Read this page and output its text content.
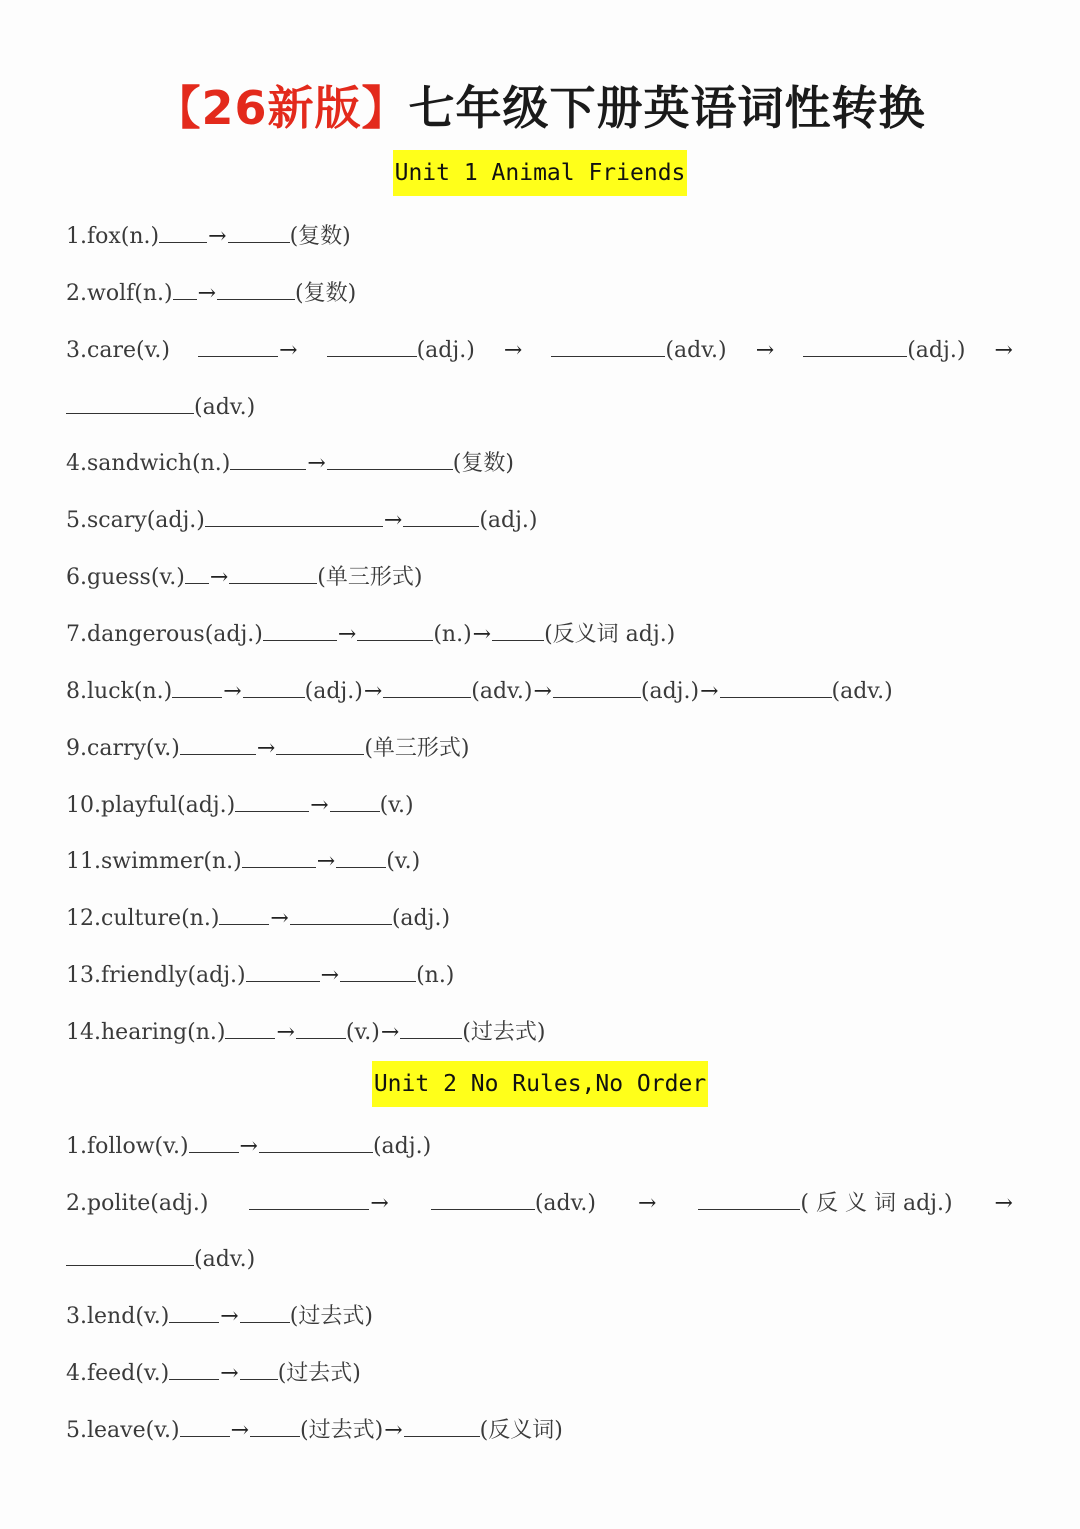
【26新版】七年级下册英语词性转换
Unit 1 Animal Friends
1.fox(n.) →	(复数)
2.wolf(n.) →	(复数)
3.care(v.)	→	(adj.) →	(adv.) →	(adj.) →
(adv.)
4.sandwich(n.)	→	(复数)
5.scary(adj.)	→	(adj.)
6.guess(v.) →	(单三形式)
7.dangerous(adj.)	→	(n.)→ (反义词 adj.)
8.luck(n.) →	(adj.)→	(adv.)→	(adj.)→	(adv.)
9.carry(v.)	→	(单三形式)
10.playful(adj.)	→ (v.)
11.swimmer(n.)	→ (v.)
12.culture(n.) →	(adj.)
13.friendly(adj.)	→	(n.)
14.hearing(n.) → (v.)→	(过去式)
Unit 2 No Rules,No Order
1.follow(v.) →	(adj.)
2.polite(adj.)	→	(adv.) →	( 反 义 词 adj.) →
(adv.)
3.lend(v.) → (过去式)
4.feed(v.) → (过去式)
5.leave(v.) → (过去式)→	(反义词)
